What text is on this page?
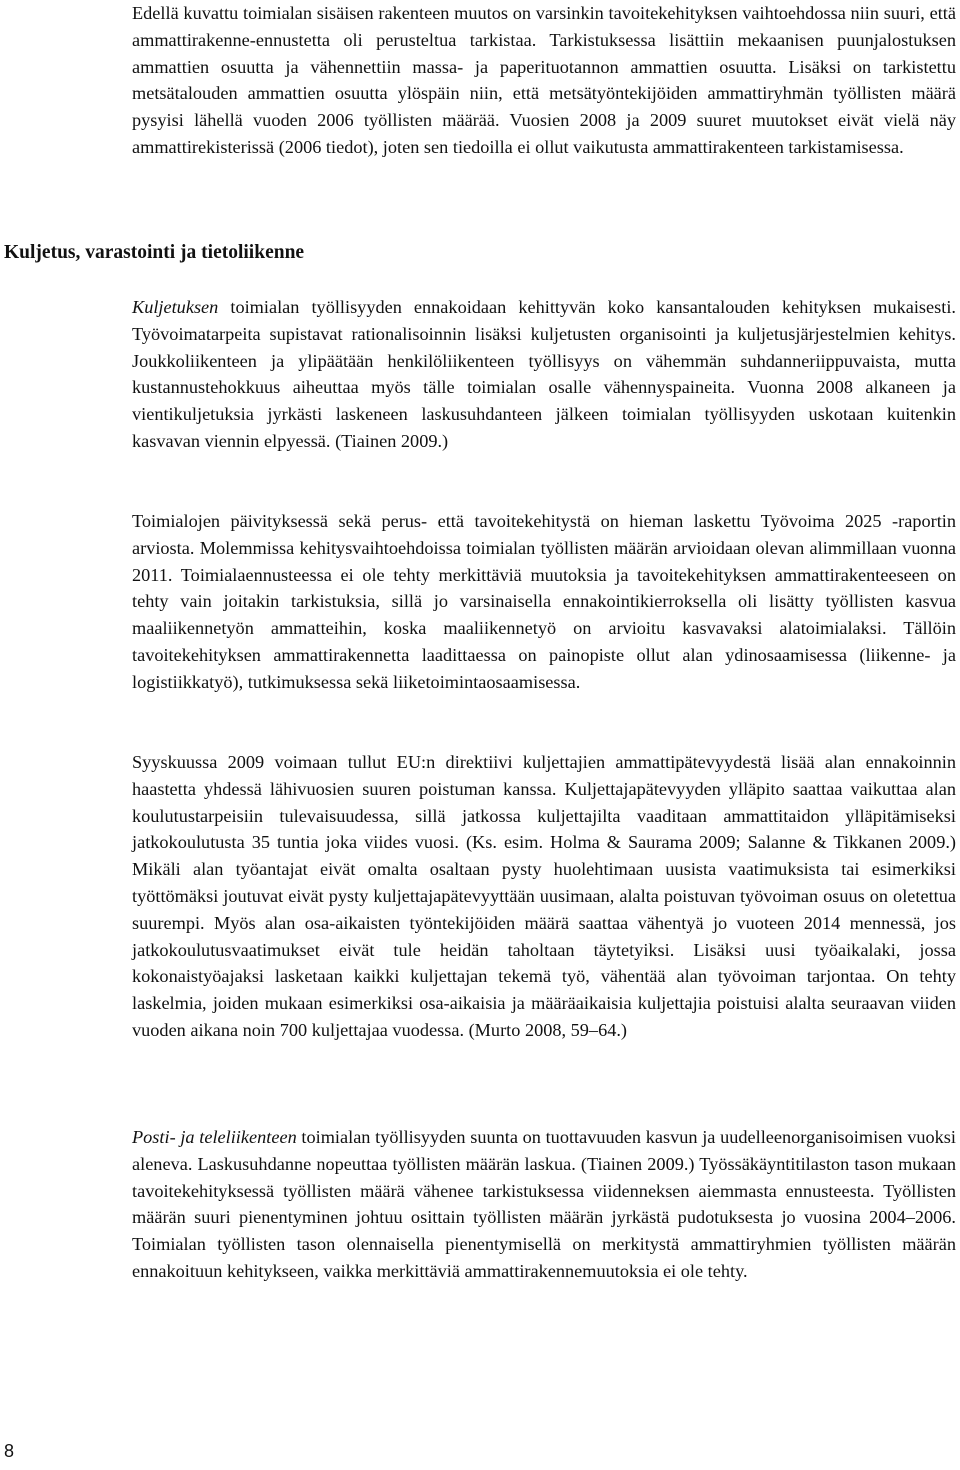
Edellä kuvattu toimialan sisäisen rakenteen muutos on varsinkin tavoitekehityksen vaihtoehdossa niin suuri, että ammattirakenne-ennustetta oli perusteltua tarkistaa. Tarkistuksessa lisättiin mekaanisen puunjalostuksen ammattien osuutta ja vähennettiin massa- ja paperituotannon ammattien osuutta. Lisäksi on tarkistettu metsätalouden ammattien osuutta ylöspäin niin, että metsätyöntekijöiden ammattiryhmän työllisten määrä pysyisi lähellä vuoden 2006 työllisten määrää. Vuosien 2008 ja 2009 suuret muutokset eivät vielä näy ammattirekisterissä (2006 tiedot), joten sen tiedoilla ei ollut vaikutusta ammattirakenteen tarkistamisessa.
Kuljetus, varastointi ja tietoliikenne
Kuljetuksen toimialan työllisyyden ennakoidaan kehittyvän koko kansantalouden kehityksen mukaisesti. Työvoimatarpeita supistavat rationalisoinnin lisäksi kuljetusten organisointi ja kuljetusjärjestelmien kehitys. Joukkoliikenteen ja ylipäätään henkilöliikenteen työllisyys on vähemmän suhdanneriippuvaista, mutta kustannustehokkuus aiheuttaa myös tälle toimialan osalle vähennyspaineita. Vuonna 2008 alkaneen ja vientikuljetuksia jyrkästi laskeneen laskusuhdanteen jälkeen toimialan työllisyyden uskotaan kuitenkin kasvavan viennin elpyessä. (Tiainen 2009.)
Toimialojen päivityksessä sekä perus- että tavoitekehitystä on hieman laskettu Työvoima 2025 -raportin arviosta. Molemmissa kehitysvaihtoehdoissa toimialan työllisten määrän arvioidaan olevan alimmillaan vuonna 2011. Toimialaennusteessa ei ole tehty merkittäviä muutoksia ja tavoitekehityksen ammattirakenteeseen on tehty vain joitakin tarkistuksia, sillä jo varsinaisella ennakointikierroksella oli lisätty työllisten kasvua maaliikennetyön ammatteihin, koska maaliikennetyö on arvioitu kasvavaksi alatoimialaksi. Tällöin tavoitekehityksen ammattirakennetta laadittaessa on painopiste ollut alan ydinosaamisessa (liikenne- ja logistiikkatyö), tutkimuksessa sekä liiketoimintaosaamisessa.
Syyskuussa 2009 voimaan tullut EU:n direktiivi kuljettajien ammattipätevyydestä lisää alan ennakoinnin haastetta yhdessä lähivuosien suuren poistuman kanssa. Kuljettajapätevyyden ylläpito saattaa vaikuttaa alan koulutustarpeisiin tulevaisuudessa, sillä jatkossa kuljettajilta vaaditaan ammattitaidon ylläpitämiseksi jatkokoulutusta 35 tuntia joka viides vuosi. (Ks. esim. Holma & Saurama 2009; Salanne & Tikkanen 2009.) Mikäli alan työantajat eivät omalta osaltaan pysty huolehtimaan uusista vaatimuksista tai esimerkiksi työttömäksi joutuvat eivät pysty kuljettajapätevyyttään uusimaan, alalta poistuvan työvoiman osuus on oletettua suurempi. Myös alan osa-aikaisten työntekijöiden määrä saattaa vähentyä jo vuoteen 2014 mennessä, jos jatkokoulutusvaatimukset eivät tule heidän taholtaan täytetyiksi. Lisäksi uusi työaikalaki, jossa kokonaistyöajaksi lasketaan kaikki kuljettajan tekemä työ, vähentää alan työvoiman tarjontaa. On tehty laskelmia, joiden mukaan esimerkiksi osa-aikaisia ja määräaikaisia kuljettajia poistuisi alalta seuraavan viiden vuoden aikana noin 700 kuljettajaa vuodessa. (Murto 2008, 59–64.)
Posti- ja teleliikenteen toimialan työllisyyden suunta on tuottavuuden kasvun ja uudelleenorganisoimisen vuoksi aleneva. Laskusuhdanne nopeuttaa työllisten määrän laskua. (Tiainen 2009.) Työssäkäyntitilaston tason mukaan tavoitekehityksessä työllisten määrä vähenee tarkistuksessa viidenneksen aiemmasta ennusteesta. Työllisten määrän suuri pienentyminen johtuu osittain työllisten määrän jyrkästä pudotuksesta jo vuosina 2004–2006. Toimialan työllisten tason olennaisella pienentymisellä on merkitystä ammattiryhmien työllisten määrän ennakoituun kehitykseen, vaikka merkittäviä ammattirakennemuutoksia ei ole tehty.
8
